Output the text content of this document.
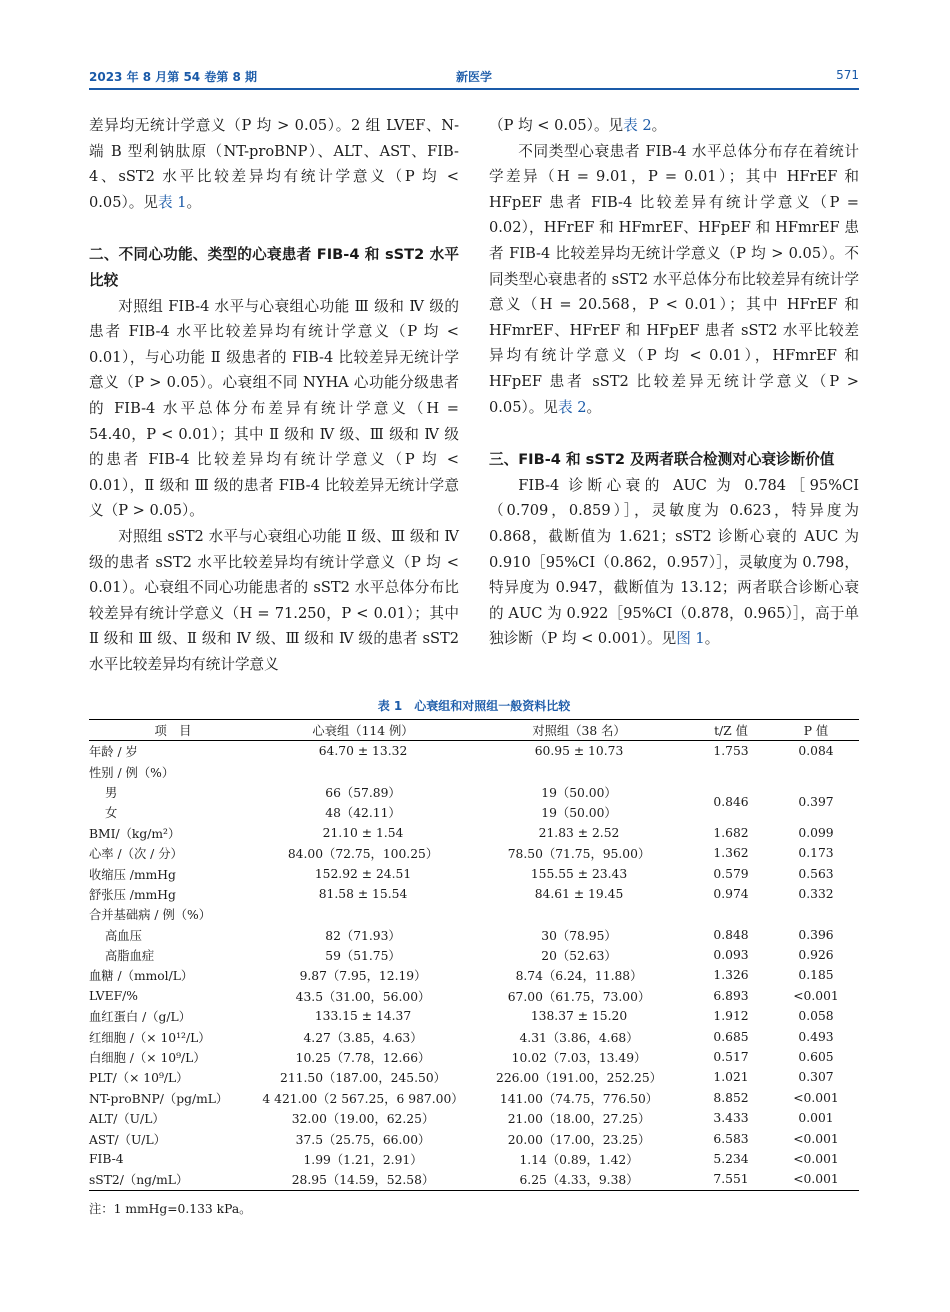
2023 年 8 月第 54 卷第 8 期	新医学	571

差异均无统计学意义（P 均 > 0.05）。2 组 LVEF、N- 端 B 型利钠肽原（NT-proBNP）、ALT、AST、FIB-4、sST2 水平比较差异均有统计学意义（P 均 < 0.05）。见表 1。

二、不同心功能、类型的心衰患者 FIB-4 和 sST2 水平比较

对照组 FIB-4 水平与心衰组心功能 Ⅲ 级和 Ⅳ 级的患者 FIB-4 水平比较差异均有统计学意义（P 均 < 0.01），与心功能 Ⅱ 级患者的 FIB-4 比较差异无统计学意义（P > 0.05）。心衰组不同 NYHA 心功能分级患者的 FIB-4 水平总体分布差异有统计学意义（H = 54.40，P < 0.01）；其中 Ⅱ 级和 Ⅳ 级、Ⅲ 级和 Ⅳ 级的患者 FIB-4 比较差异均有统计学意义（P 均 < 0.01），Ⅱ 级和 Ⅲ 级的患者 FIB-4 比较差异无统计学意义（P > 0.05）。

对照组 sST2 水平与心衰组心功能 Ⅱ 级、Ⅲ 级和 Ⅳ 级的患者 sST2 水平比较差异均有统计学意义（P 均 < 0.01）。心衰组不同心功能患者的 sST2 水平总体分布比较差异有统计学意义（H = 71.250，P < 0.01）；其中 Ⅱ 级和 Ⅲ 级、Ⅱ 级和 Ⅳ 级、Ⅲ 级和 Ⅳ 级的患者 sST2 水平比较差异均有统计学意义

（P 均 < 0.05）。见表 2。

不同类型心衰患者 FIB-4 水平总体分布存在着统计学差异（H = 9.01，P = 0.01）；其中 HFrEF 和 HFpEF 患者 FIB-4 比较差异有统计学意义（P = 0.02），HFrEF 和 HFmrEF、HFpEF 和 HFmrEF 患者 FIB-4 比较差异均无统计学意义（P 均 > 0.05）。不同类型心衰患者的 sST2 水平总体分布比较差异有统计学意义（H = 20.568，P < 0.01）；其中 HFrEF 和 HFmrEF、HFrEF 和 HFpEF 患者 sST2 水平比较差异均有统计学意义（P 均 < 0.01），HFmrEF 和 HFpEF 患者 sST2 比较差异无统计学意义（P > 0.05）。见表 2。

三、FIB-4 和 sST2 及两者联合检测对心衰诊断价值

FIB-4 诊断心衰的 AUC 为 0.784［95%CI（0.709，0.859）］，灵敏度为 0.623，特异度为 0.868，截断值为 1.621；sST2 诊断心衰的 AUC 为 0.910［95%CI（0.862，0.957）］，灵敏度为 0.798，特异度为 0.947，截断值为 13.12；两者联合诊断心衰的 AUC 为 0.922［95%CI（0.878，0.965）］，高于单独诊断（P 均 < 0.001）。见图 1。

表 1　心衰组和对照组一般资料比较
项　目	心衰组（114 例）	对照组（38 名）	t/Z 值	P 值
年龄 / 岁	64.70 ± 13.32	60.95 ± 10.73	1.753	0.084
性别 / 例（%）				
男	66（57.89）	19（50.00）	0.846	0.397
女	48（42.11）	19（50.00）		
BMI/（kg/m²）	21.10 ± 1.54	21.83 ± 2.52	1.682	0.099
心率 /（次 / 分）	84.00（72.75，100.25）	78.50（71.75，95.00）	1.362	0.173
收缩压 /mmHg	152.92 ± 24.51	155.55 ± 23.43	0.579	0.563
舒张压 /mmHg	81.58 ± 15.54	84.61 ± 19.45	0.974	0.332
合并基础病 / 例（%）				
高血压	82（71.93）	30（78.95）	0.848	0.396
高脂血症	59（51.75）	20（52.63）	0.093	0.926
血糖 /（mmol/L）	9.87（7.95，12.19）	8.74（6.24，11.88）	1.326	0.185
LVEF/%	43.5（31.00，56.00）	67.00（61.75，73.00）	6.893	<0.001
血红蛋白 /（g/L）	133.15 ± 14.37	138.37 ± 15.20	1.912	0.058
红细胞 /（× 10¹²/L）	4.27（3.85，4.63）	4.31（3.86，4.68）	0.685	0.493
白细胞 /（× 10⁹/L）	10.25（7.78，12.66）	10.02（7.03，13.49）	0.517	0.605
PLT/（× 10⁹/L）	211.50（187.00，245.50）	226.00（191.00，252.25）	1.021	0.307
NT-proBNP/（pg/mL）	4 421.00（2 567.25，6 987.00）	141.00（74.75，776.50）	8.852	<0.001
ALT/（U/L）	32.00（19.00，62.25）	21.00（18.00，27.25）	3.433	0.001
AST/（U/L）	37.5（25.75，66.00）	20.00（17.00，23.25）	6.583	<0.001
FIB-4	1.99（1.21，2.91）	1.14（0.89，1.42）	5.234	<0.001
sST2/（ng/mL）	28.95（14.59，52.58）	6.25（4.33，9.38）	7.551	<0.001
注：1 mmHg=0.133 kPa。
